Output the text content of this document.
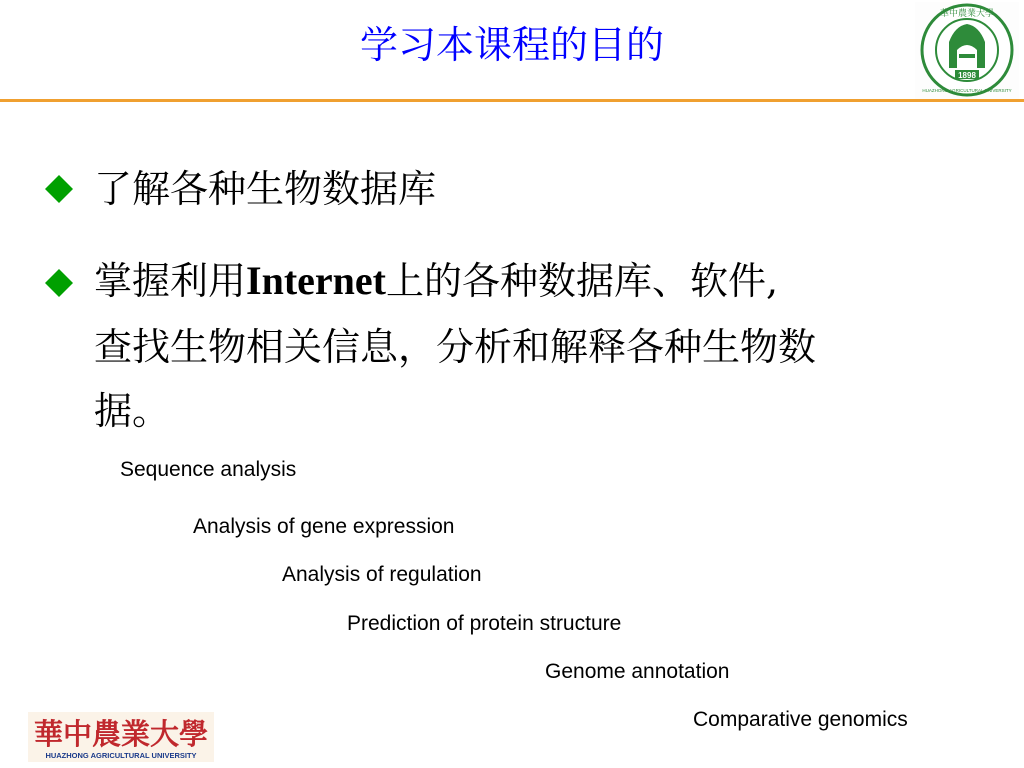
学习本课程的目的
1898
華中農業大學
HUAZHONG AGRICULTURAL UNIVERSITY
了解各种生物数据库
掌握利用Internet上的各种数据库、软件,
查找生物相关信息，分析和解释各种生物数
据。
Sequence analysis
Analysis of gene expression
Analysis of regulation
Prediction of protein structure
Genome annotation
Comparative genomics
華中農業大學
HUAZHONG AGRICULTURAL UNIVERSITY
